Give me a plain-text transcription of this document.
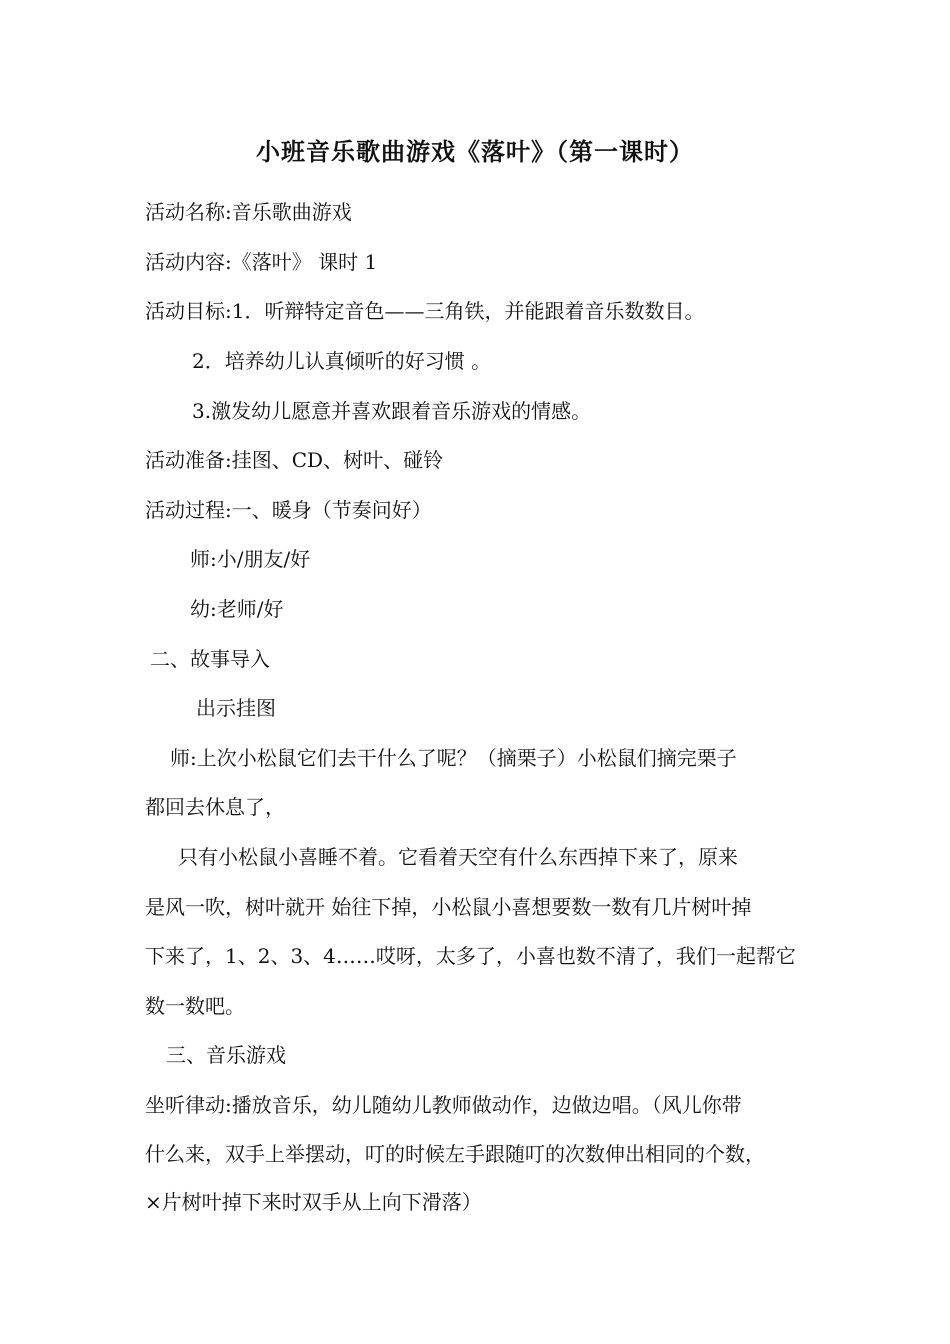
小班音乐歌曲游戏《落叶》（第一课时）
活动名称:音乐歌曲游戏
活动内容:《落叶》 课时 1
活动目标:1．听辩特定音色——三角铁，并能跟着音乐数数目。
2．培养幼儿认真倾听的好习惯 。
3.激发幼儿愿意并喜欢跟着音乐游戏的情感。
活动准备:挂图、CD、树叶、碰铃
活动过程:一、暖身（节奏问好）
师:小/朋友/好
幼:老师/好
二、故事导入
出示挂图
师:上次小松鼠它们去干什么了呢？（摘栗子）小松鼠们摘完栗子
都回去休息了，
只有小松鼠小喜睡不着。它看着天空有什么东西掉下来了，原来
是风一吹，树叶就开 始往下掉，小松鼠小喜想要数一数有几片树叶掉
下来了，1、2、3、4……哎呀，太多了，小喜也数不清了，我们一起帮它
数一数吧。
三、音乐游戏
坐听律动:播放音乐，幼儿随幼儿教师做动作，边做边唱。（风儿你带
什么来，双手上举摆动，叮的时候左手跟随叮的次数伸出相同的个数，
×片树叶掉下来时双手从上向下滑落）
